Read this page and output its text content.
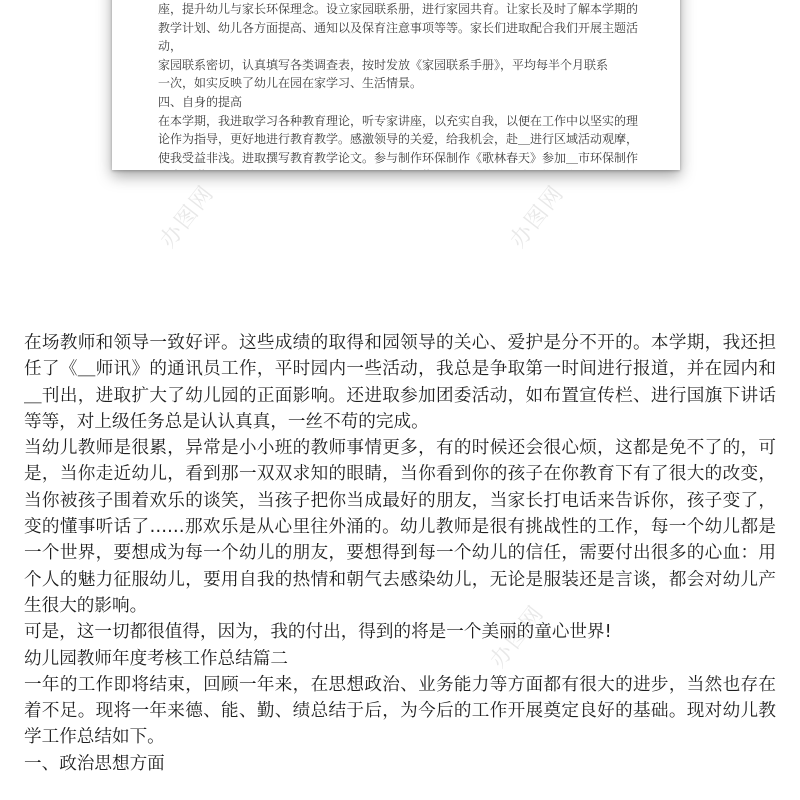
座，提升幼儿与家长环保理念。设立家园联系册，进行家园共育。让家长及时了解本学期的

教学计划、幼儿各方面提高、通知以及保育注意事项等等。家长们进取配合我们开展主题活动，

家园联系密切，认真填写各类调查表，按时发放《家园联系手册》，平均每半个月联系

一次，如实反映了幼儿在园在家学习、生活情景。

四、自身的提高

在本学期，我进取学习各种教育理论，听专家讲座，以充实自我，以便在工作中以坚实的理

论作为指导，更好地进行教育教学。感激领导的关爱，给我机会，赴＿进行区域活动观摩，

使我受益非浅。进取撰写教育教学论文。参与制作环保制作《歌林春天》参加＿市环保制作

办图网	办图网
办图网

在场教师和领导一致好评。这些成绩的取得和园领导的关心、爱护是分不开的。本学期，我还担任了《＿师讯》的通讯员工作，平时园内一些活动，我总是争取第一时间进行报道，并在园内和＿刊出，进取扩大了幼儿园的正面影响。还进取参加团委活动，如布置宣传栏、进行国旗下讲话等等，对上级任务总是认认真真，一丝不苟的完成。

当幼儿教师是很累，异常是小小班的教师事情更多，有的时候还会很心烦，这都是免不了的，可是，当你走近幼儿，看到那一双双求知的眼睛，当你看到你的孩子在你教育下有了很大的改变，当你被孩子围着欢乐的谈笑，当孩子把你当成最好的朋友，当家长打电话来告诉你，孩子变了，变的懂事听话了……那欢乐是从心里往外涌的。幼儿教师是很有挑战性的工作，每一个幼儿都是一个世界，要想成为每一个幼儿的朋友，要想得到每一个幼儿的信任，需要付出很多的心血：用个人的魅力征服幼儿，要用自我的热情和朝气去感染幼儿，无论是服装还是言谈，都会对幼儿产生很大的影响。

可是，这一切都很值得，因为，我的付出，得到的将是一个美丽的童心世界!

幼儿园教师年度考核工作总结篇二

一年的工作即将结束，回顾一年来，在思想政治、业务能力等方面都有很大的进步，当然也存在着不足。现将一年来德、能、勤、绩总结于后，为今后的工作开展奠定良好的基础。现对幼儿教学工作总结如下。

一、政治思想方面
